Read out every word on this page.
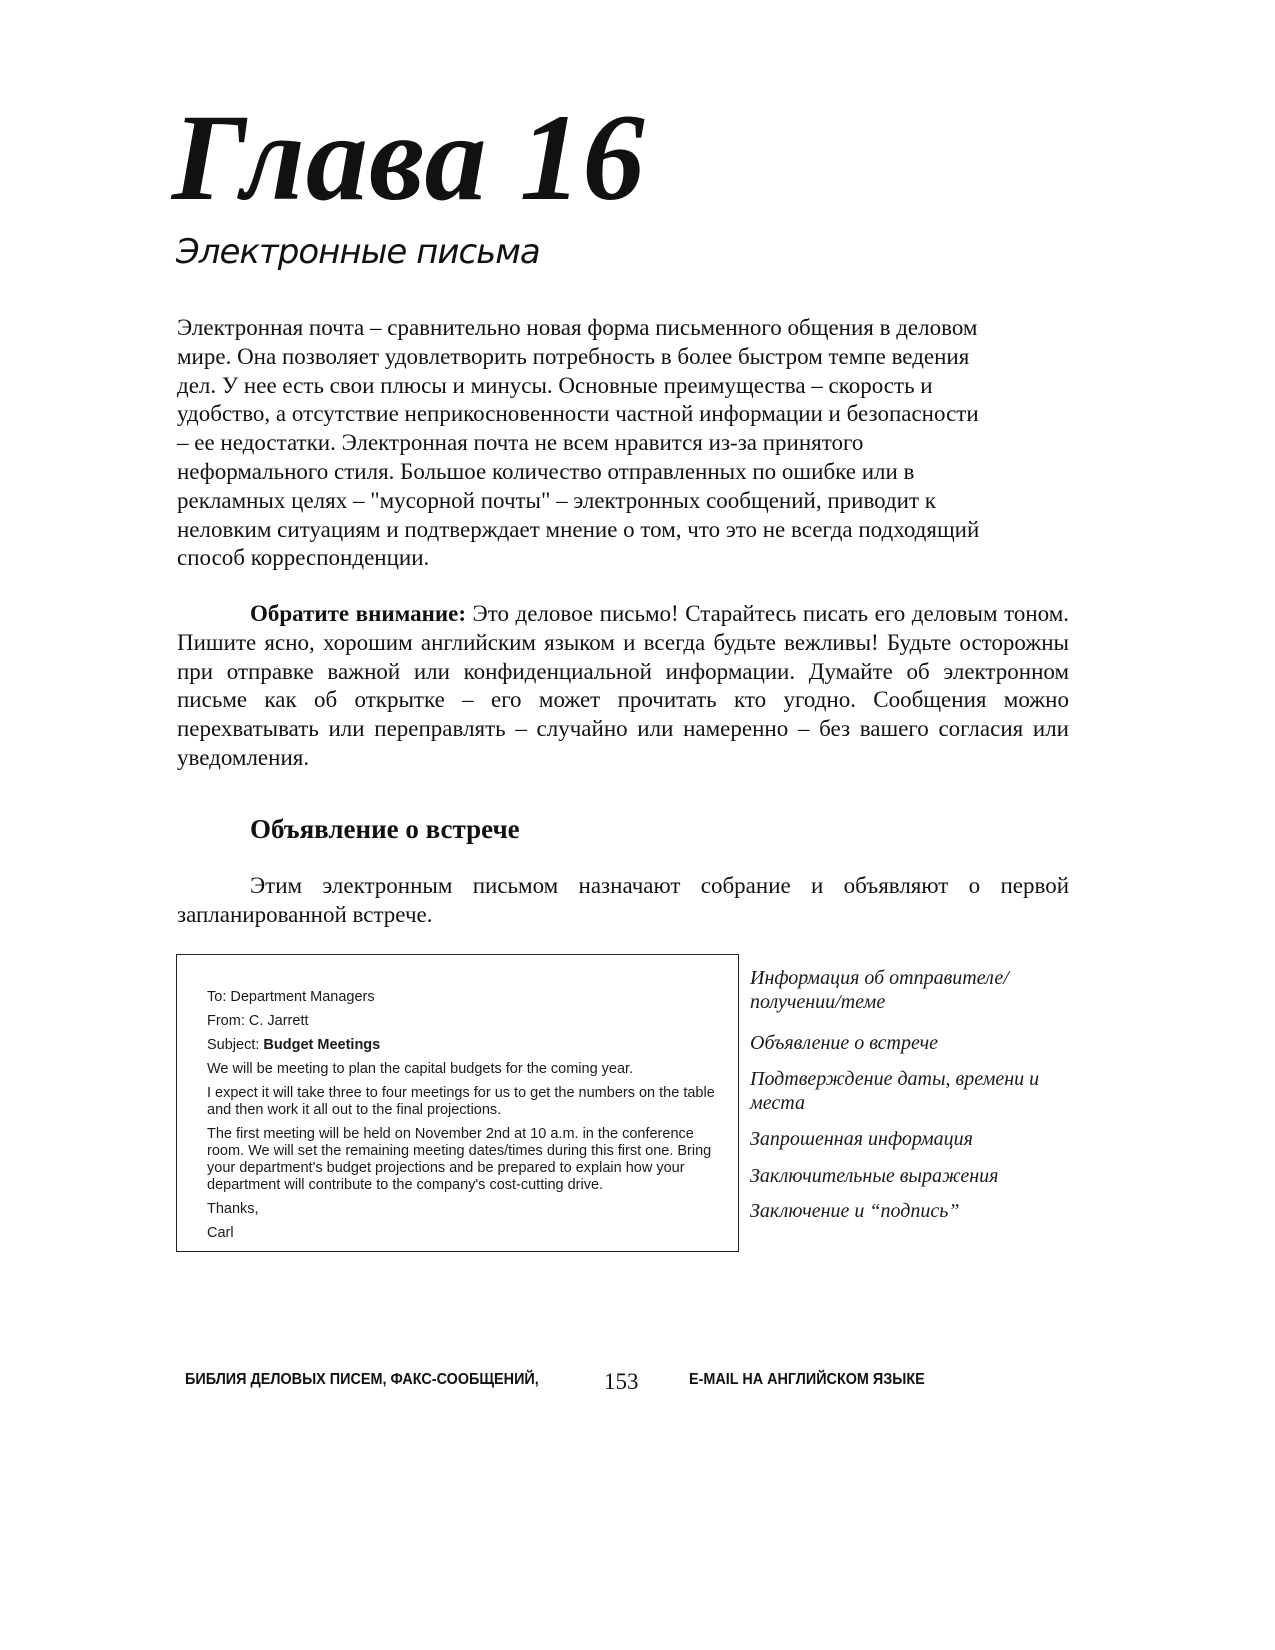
Глава 16
Электронные письма

Электронная почта – сравнительно новая форма письменного общения в деловом
мире. Она позволяет удовлетворить потребность в более быстром темпе ведения
дел. У нее есть свои плюсы и минусы. Основные преимущества – скорость и
удобство, а отсутствие неприкосновенности частной информации и безопасности
– ее недостатки. Электронная почта не всем нравится из-за принятого
неформального стиля. Большое количество отправленных по ошибке или в
рекламных целях – "мусорной почты" – электронных сообщений, приводит к
неловким ситуациям и подтверждает мнение о том, что это не всегда подходящий
способ корреспонденции.

Обратите внимание: Это деловое письмо! Старайтесь писать его деловым тоном. Пишите ясно, хорошим английским языком и всегда будьте вежливы! Будьте осторожны при отправке важной или конфиденциальной информации. Думайте об электронном письме как об открытке – его может прочитать кто угодно. Сообщения можно перехватывать или переправлять – случайно или намеренно – без вашего согласия или уведомления.

Объявление о встрече

Этим электронным письмом назначают собрание и объявляют о первой запланированной встрече.

To: Department Managers
From: C. Jarrett
Subject: Budget Meetings
We will be meeting to plan the capital budgets for the coming year.
I expect it will take three to four meetings for us to get the numbers on the table and then work it all out to the final projections.
The first meeting will be held on November 2nd at 10 a.m. in the conference room. We will set the remaining meeting dates/times during this first one. Bring your department's budget projections and be prepared to explain how your department will contribute to the company's cost-cutting drive.
Thanks,
Carl
Информация об отправителе/получении/теме
Объявление о встрече
Подтверждение даты, времени и места
Запрошенная информация
Заключительные выражения
Заключение и “подпись”
БИБЛИЯ ДЕЛОВЫХ ПИСЕМ, ФАКС-СООБЩЕНИЙ,	153	E-MAIL НА АНГЛИЙСКОМ ЯЗЫКЕ
